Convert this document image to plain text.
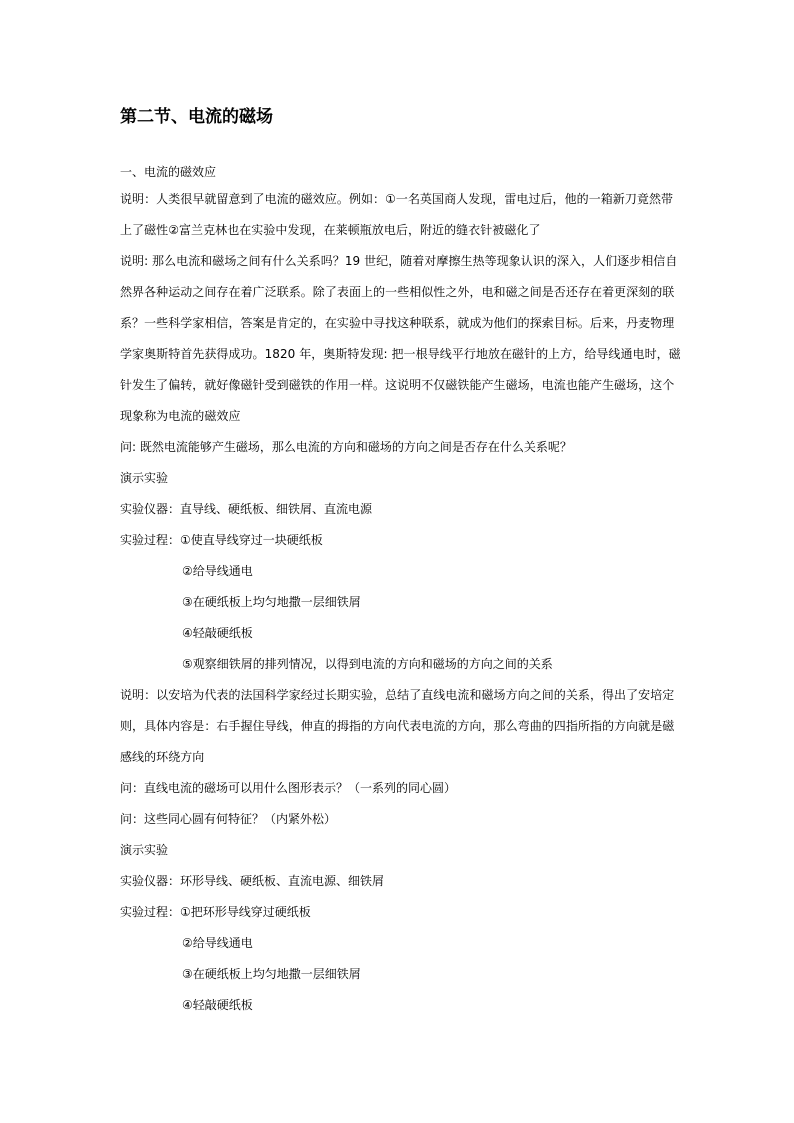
第二节、电流的磁场
一、电流的磁效应
说明：人类很早就留意到了电流的磁效应。例如：①一名英国商人发现，雷电过后，他的一箱新刀竟然带
上了磁性②富兰克林也在实验中发现，在莱顿瓶放电后，附近的缝衣针被磁化了
说明: 那么电流和磁场之间有什么关系吗？19 世纪，随着对摩擦生热等现象认识的深入，人们逐步相信自
然界各种运动之间存在着广泛联系。除了表面上的一些相似性之外，电和磁之间是否还存在着更深刻的联
系？一些科学家相信，答案是肯定的，在实验中寻找这种联系，就成为他们的探索目标。后来，丹麦物理
学家奥斯特首先获得成功。1820 年，奥斯特发现: 把一根导线平行地放在磁针的上方，给导线通电时，磁
针发生了偏转，就好像磁针受到磁铁的作用一样。这说明不仅磁铁能产生磁场，电流也能产生磁场，这个
现象称为电流的磁效应
问: 既然电流能够产生磁场，那么电流的方向和磁场的方向之间是否存在什么关系呢？
演示实验
实验仪器：直导线、硬纸板、细铁屑、直流电源
实验过程：①使直导线穿过一块硬纸板
②给导线通电
③在硬纸板上均匀地撒一层细铁屑
④轻敲硬纸板
⑤观察细铁屑的排列情况，以得到电流的方向和磁场的方向之间的关系
说明：以安培为代表的法国科学家经过长期实验，总结了直线电流和磁场方向之间的关系，得出了安培定
则，具体内容是：右手握住导线，伸直的拇指的方向代表电流的方向，那么弯曲的四指所指的方向就是磁
感线的环绕方向
问：直线电流的磁场可以用什么图形表示？（一系列的同心圆）
问：这些同心圆有何特征？（内紧外松）
演示实验
实验仪器：环形导线、硬纸板、直流电源、细铁屑
实验过程：①把环形导线穿过硬纸板
②给导线通电
③在硬纸板上均匀地撒一层细铁屑
④轻敲硬纸板
